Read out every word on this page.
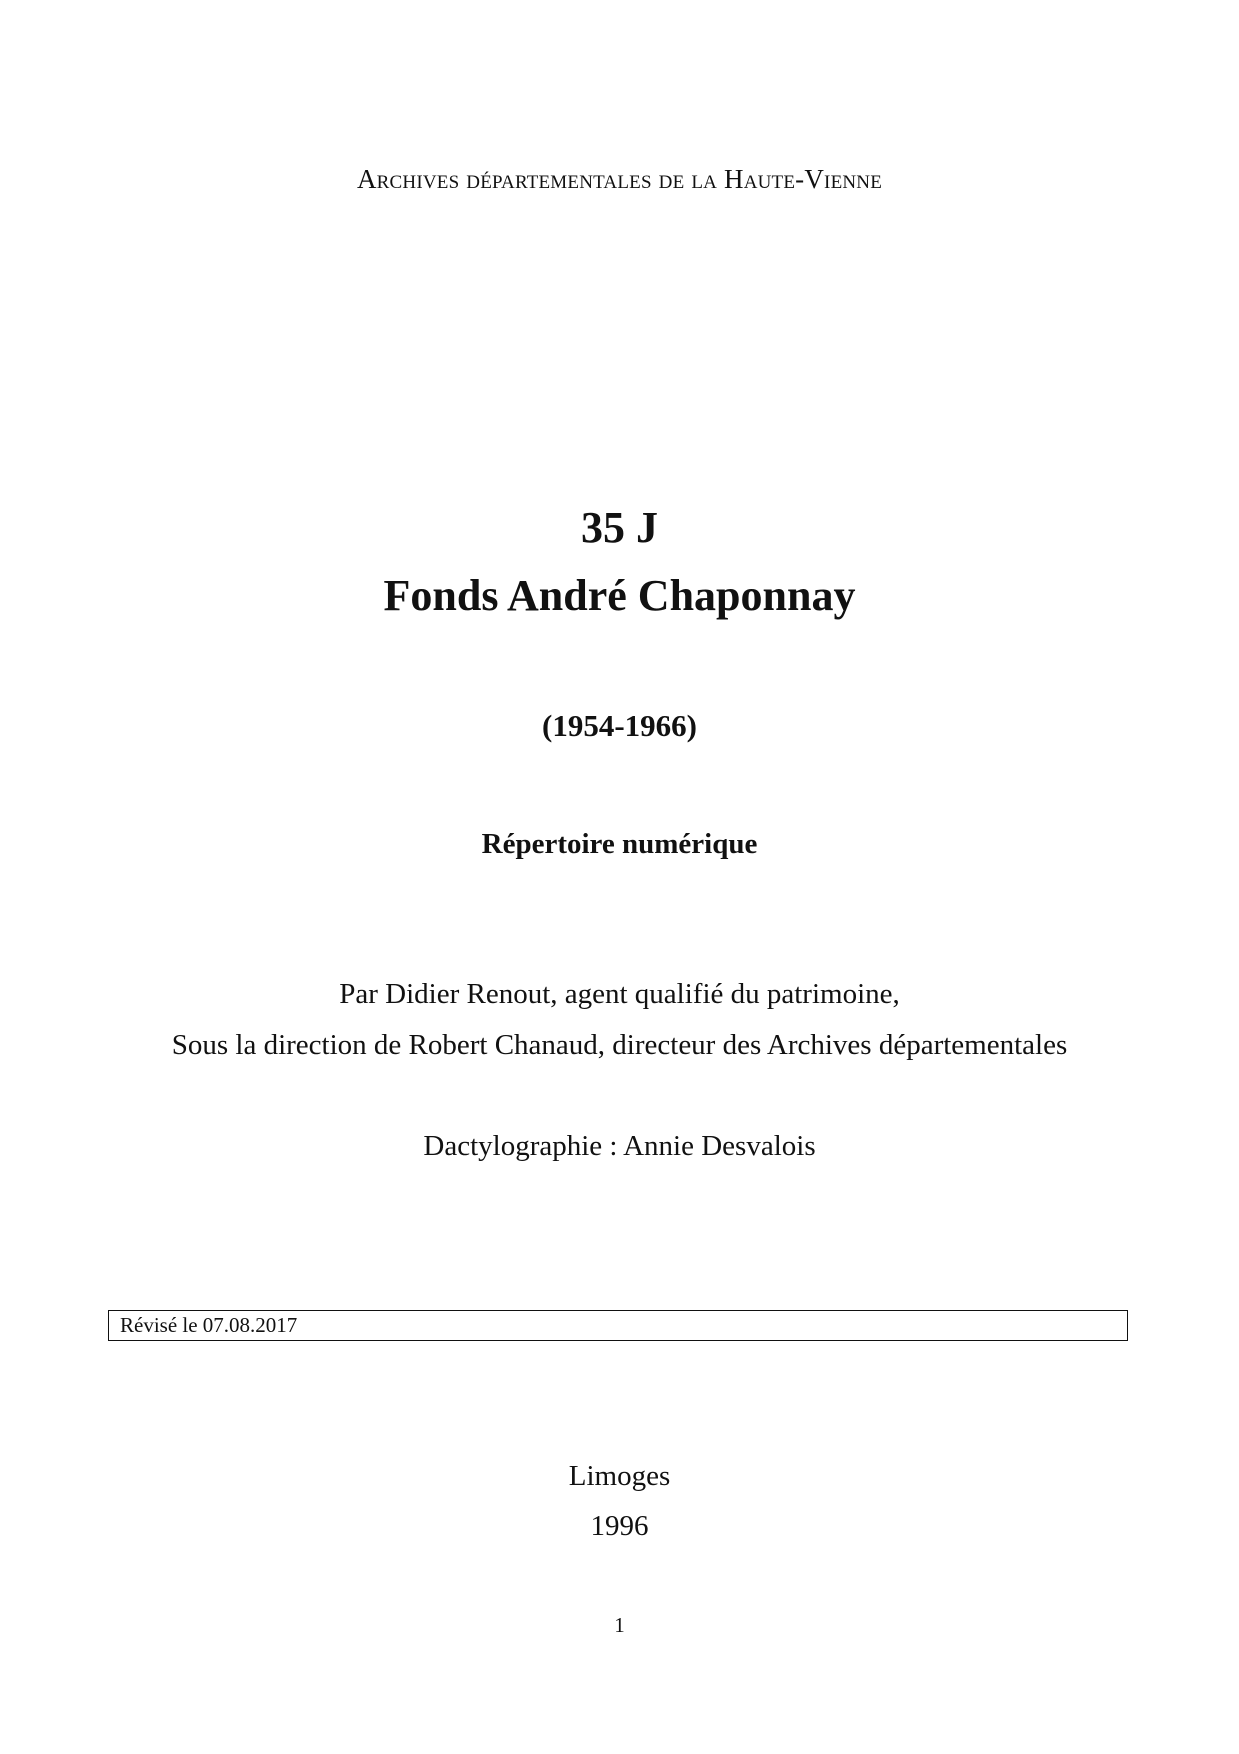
Archives départementales de la Haute-Vienne
35 J
Fonds André Chaponnay
(1954-1966)
Répertoire numérique
Par Didier Renout, agent qualifié du patrimoine,
Sous la direction de Robert Chanaud, directeur des Archives départementales
Dactylographie : Annie Desvalois
Révisé le 07.08.2017
Limoges
1996
1
